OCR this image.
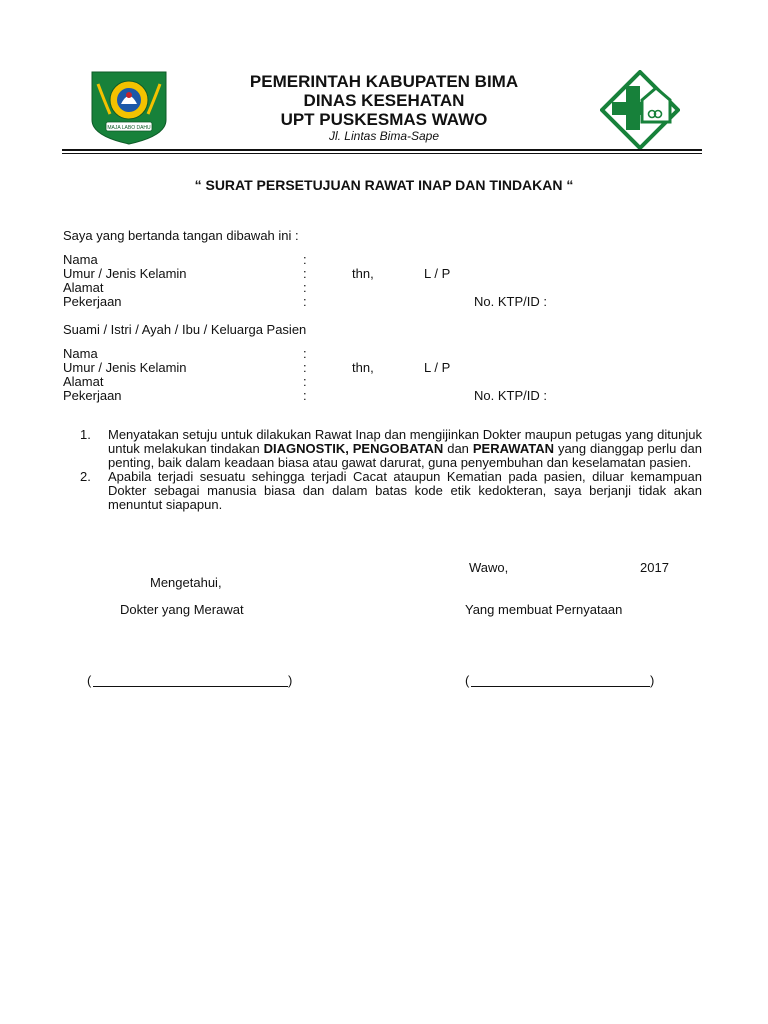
MAJA LABO DAHU
PEMERINTAH KABUPATEN BIMA
DINAS KESEHATAN
UPT PUSKESMAS WAWO
Jl. Lintas Bima-Sape
“ SURAT PERSETUJUAN RAWAT INAP DAN TINDAKAN “
Saya yang bertanda tangan dibawah ini :
Nama	:
Umur / Jenis Kelamin	:	thn,	L / P
Alamat	:
Pekerjaan	:	No. KTP/ID :
Suami / Istri / Ayah / Ibu / Keluarga Pasien
Nama	:
Umur / Jenis Kelamin	:	thn,	L / P
Alamat	:
Pekerjaan	:	No. KTP/ID :
1.	Menyatakan setuju untuk dilakukan Rawat Inap dan mengijinkan Dokter maupun petugas yang ditunjuk untuk melakukan tindakan DIAGNOSTIK, PENGOBATAN dan PERAWATAN yang dianggap perlu dan penting, baik dalam keadaan biasa atau gawat darurat, guna penyembuhan dan keselamatan pasien.
2.	Apabila terjadi sesuatu sehingga terjadi Cacat ataupun Kematian pada pasien, diluar kemampuan Dokter sebagai manusia biasa dan dalam batas kode etik kedokteran, saya berjanji tidak akan menuntut siapapun.
Wawo,	2017
Mengetahui,
Dokter yang Merawat	Yang membuat Pernyataan
(	)	(	)
